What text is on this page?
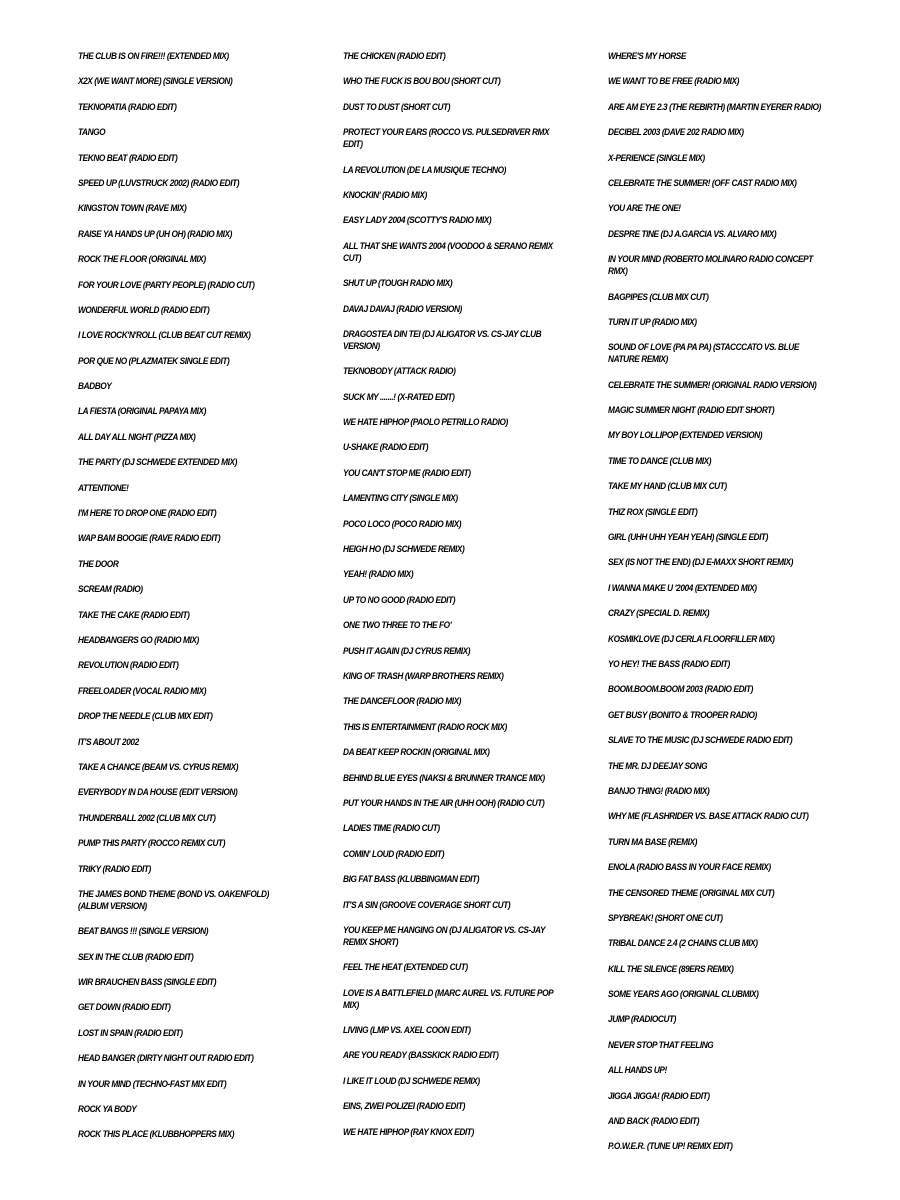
THE CLUB IS ON FIRE!!! (EXTENDED MIX)
X2X (WE WANT MORE) (SINGLE VERSION)
TEKNOPATIA (RADIO EDIT)
TANGO
TEKNO BEAT (RADIO EDIT)
SPEED UP (LUVSTRUCK 2002) (RADIO EDIT)
KINGSTON TOWN (RAVE MIX)
RAISE YA HANDS UP (UH OH) (RADIO MIX)
ROCK THE FLOOR (ORIGINAL MIX)
FOR YOUR LOVE (PARTY PEOPLE) (RADIO CUT)
WONDERFUL WORLD (RADIO EDIT)
I LOVE ROCK'N'ROLL (CLUB BEAT CUT REMIX)
POR QUE NO (PLAZMATEK SINGLE EDIT)
BADBOY
LA FIESTA (ORIGINAL PAPAYA MIX)
ALL DAY ALL NIGHT (PIZZA MIX)
THE PARTY (DJ SCHWEDE EXTENDED MIX)
ATTENTIONE!
I'M HERE TO DROP ONE (RADIO EDIT)
WAP BAM BOOGIE (RAVE RADIO EDIT)
THE DOOR
SCREAM (RADIO)
TAKE THE CAKE (RADIO EDIT)
HEADBANGERS GO (RADIO MIX)
REVOLUTION (RADIO EDIT)
FREELOADER (VOCAL RADIO MIX)
DROP THE NEEDLE (CLUB MIX EDIT)
IT'S ABOUT 2002
TAKE A CHANCE (BEAM VS. CYRUS REMIX)
EVERYBODY IN DA HOUSE (EDIT VERSION)
THUNDERBALL 2002 (CLUB MIX CUT)
PUMP THIS PARTY (ROCCO REMIX CUT)
TRIKY (RADIO EDIT)
THE JAMES BOND THEME (BOND VS. OAKENFOLD) (ALBUM VERSION)
BEAT BANGS !!! (SINGLE VERSION)
SEX IN THE CLUB (RADIO EDIT)
WIR BRAUCHEN BASS (SINGLE EDIT)
GET DOWN (RADIO EDIT)
LOST IN SPAIN (RADIO EDIT)
HEAD BANGER (DIRTY NIGHT OUT RADIO EDIT)
IN YOUR MIND (TECHNO-FAST MIX EDIT)
ROCK YA BODY
ROCK THIS PLACE (KLUBBHOPPERS MIX)
THE CHICKEN (RADIO EDIT)
WHO THE FUCK IS BOU BOU (SHORT CUT)
DUST TO DUST (SHORT CUT)
PROTECT YOUR EARS (ROCCO VS. PULSEDRIVER RMX EDIT)
LA REVOLUTION (DE LA MUSIQUE TECHNO)
KNOCKIN' (RADIO MIX)
EASY LADY 2004 (SCOTTY'S RADIO MIX)
ALL THAT SHE WANTS 2004 (VOODOO & SERANO REMIX CUT)
SHUT UP (TOUGH RADIO MIX)
DAVAJ DAVAJ (RADIO VERSION)
DRAGOSTEA DIN TEI (DJ ALIGATOR VS. CS-JAY CLUB VERSION)
TEKNOBODY (ATTACK RADIO)
SUCK MY .......! (X-RATED EDIT)
WE HATE HIPHOP (PAOLO PETRILLO RADIO)
U-SHAKE (RADIO EDIT)
YOU CAN'T STOP ME (RADIO EDIT)
LAMENTING CITY (SINGLE MIX)
POCO LOCO (POCO RADIO MIX)
HEIGH HO (DJ SCHWEDE REMIX)
YEAH! (RADIO MIX)
UP TO NO GOOD (RADIO EDIT)
ONE TWO THREE TO THE FO'
PUSH IT AGAIN (DJ CYRUS REMIX)
KING OF TRASH (WARP BROTHERS REMIX)
THE DANCEFLOOR (RADIO MIX)
THIS IS ENTERTAINMENT (RADIO ROCK MIX)
DA BEAT KEEP ROCKIN (ORIGINAL MIX)
BEHIND BLUE EYES (NAKSI & BRUNNER TRANCE MIX)
PUT YOUR HANDS IN THE AIR (UHH OOH) (RADIO CUT)
LADIES TIME (RADIO CUT)
COMIN' LOUD (RADIO EDIT)
BIG FAT BASS (KLUBBINGMAN EDIT)
IT'S A SIN (GROOVE COVERAGE SHORT CUT)
YOU KEEP ME HANGING ON (DJ ALIGATOR VS. CS-JAY REMIX SHORT)
FEEL THE HEAT (EXTENDED CUT)
LOVE IS A BATTLEFIELD (MARC AUREL VS. FUTURE POP MIX)
LIVING (LMP VS. AXEL COON EDIT)
ARE YOU READY (BASSKICK RADIO EDIT)
I LIKE IT LOUD (DJ SCHWEDE REMIX)
EINS, ZWEI POLIZEI (RADIO EDIT)
WE HATE HIPHOP (RAY KNOX EDIT)
WHERE'S MY HORSE
WE WANT TO BE FREE (RADIO MIX)
ARE AM EYE 2.3 (THE REBIRTH) (MARTIN EYERER RADIO)
DECIBEL 2003 (DAVE 202 RADIO MIX)
X-PERIENCE (SINGLE MIX)
CELEBRATE THE SUMMER! (OFF CAST RADIO MIX)
YOU ARE THE ONE!
DESPRE TINE (DJ A.GARCIA VS. ALVARO MIX)
IN YOUR MIND (ROBERTO MOLINARO RADIO CONCEPT RMX)
BAGPIPES (CLUB MIX CUT)
TURN IT UP (RADIO MIX)
SOUND OF LOVE (PA PA PA) (STACCCATO VS. BLUE NATURE REMIX)
CELEBRATE THE SUMMER! (ORIGINAL RADIO VERSION)
MAGIC SUMMER NIGHT (RADIO EDIT SHORT)
MY BOY LOLLIPOP (EXTENDED VERSION)
TIME TO DANCE (CLUB MIX)
TAKE MY HAND (CLUB MIX CUT)
THIZ ROX (SINGLE EDIT)
GIRL (UHH UHH YEAH YEAH) (SINGLE EDIT)
SEX (IS NOT THE END) (DJ E-MAXX SHORT REMIX)
I WANNA MAKE U '2004 (EXTENDED MIX)
CRAZY (SPECIAL D. REMIX)
KOSMIKLOVE (DJ CERLA FLOORFILLER MIX)
YO HEY! THE BASS (RADIO EDIT)
BOOM.BOOM.BOOM 2003 (RADIO EDIT)
GET BUSY (BONITO & TROOPER RADIO)
SLAVE TO THE MUSIC (DJ SCHWEDE RADIO EDIT)
THE MR. DJ DEEJAY SONG
BANJO THING! (RADIO MIX)
WHY ME (FLASHRIDER VS. BASE ATTACK RADIO CUT)
TURN MA BASE (REMIX)
ENOLA (RADIO BASS IN YOUR FACE REMIX)
THE CENSORED THEME (ORIGINAL MIX CUT)
SPYBREAK! (SHORT ONE CUT)
TRIBAL DANCE 2.4 (2 CHAINS CLUB MIX)
KILL THE SILENCE (89ERS REMIX)
SOME YEARS AGO (ORIGINAL CLUBMIX)
JUMP (RADIOCUT)
NEVER STOP THAT FEELING
ALL HANDS UP!
JIGGA JIGGA! (RADIO EDIT)
AND BACK (RADIO EDIT)
P.O.W.E.R. (TUNE UP! REMIX EDIT)
